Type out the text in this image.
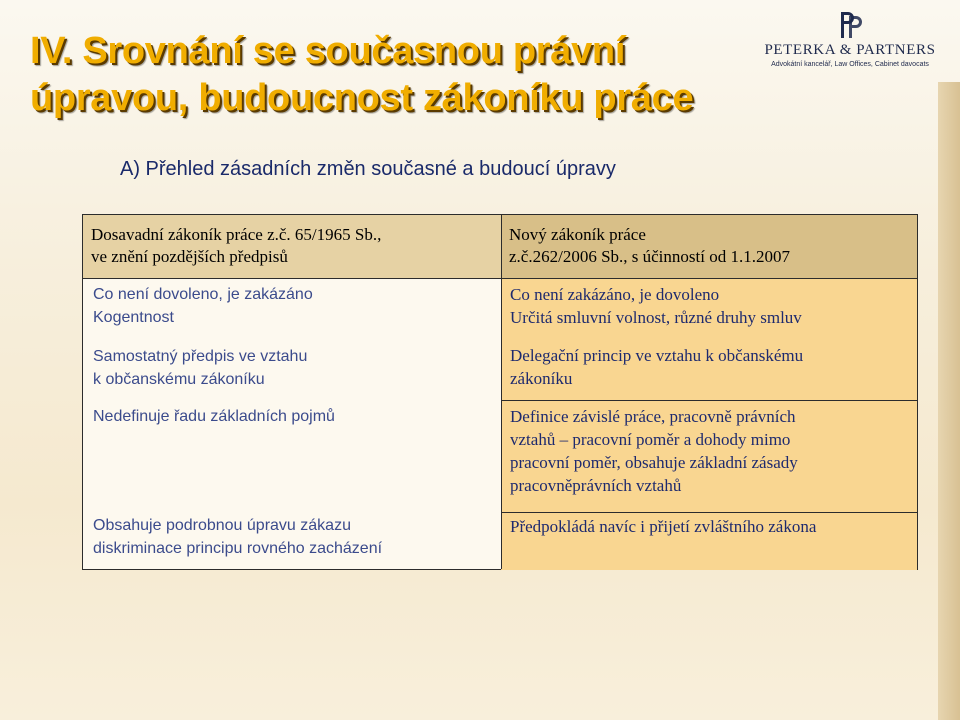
IV. Srovnání se současnou právní
úpravou, budoucnost zákoníku práce
PETERKA & PARTNERS
Advokátní kancelář, Law Offices, Cabinet davocats
A) Přehled zásadních změn současné a budoucí úpravy
Dosavadní zákoník práce z.č. 65/1965 Sb.,
ve znění pozdějších předpisů
Co není dovoleno, je zakázáno
Kogentnost
Samostatný předpis ve vztahu
k občanskému zákoníku
Nedefinuje řadu základních pojmů
Obsahuje podrobnou úpravu zákazu
diskriminace principu rovného zacházení
Nový zákoník práce
z.č.262/2006 Sb., s účinností od 1.1.2007
Co není zakázáno, je dovoleno
Určitá smluvní volnost, různé druhy smluv
Delegační princip ve vztahu k občanskému
zákoníku
Definice závislé práce, pracovně právních
vztahů – pracovní poměr a dohody mimo
pracovní poměr, obsahuje základní zásady
pracovněprávních vztahů
Předpokládá navíc i přijetí zvláštního zákona
